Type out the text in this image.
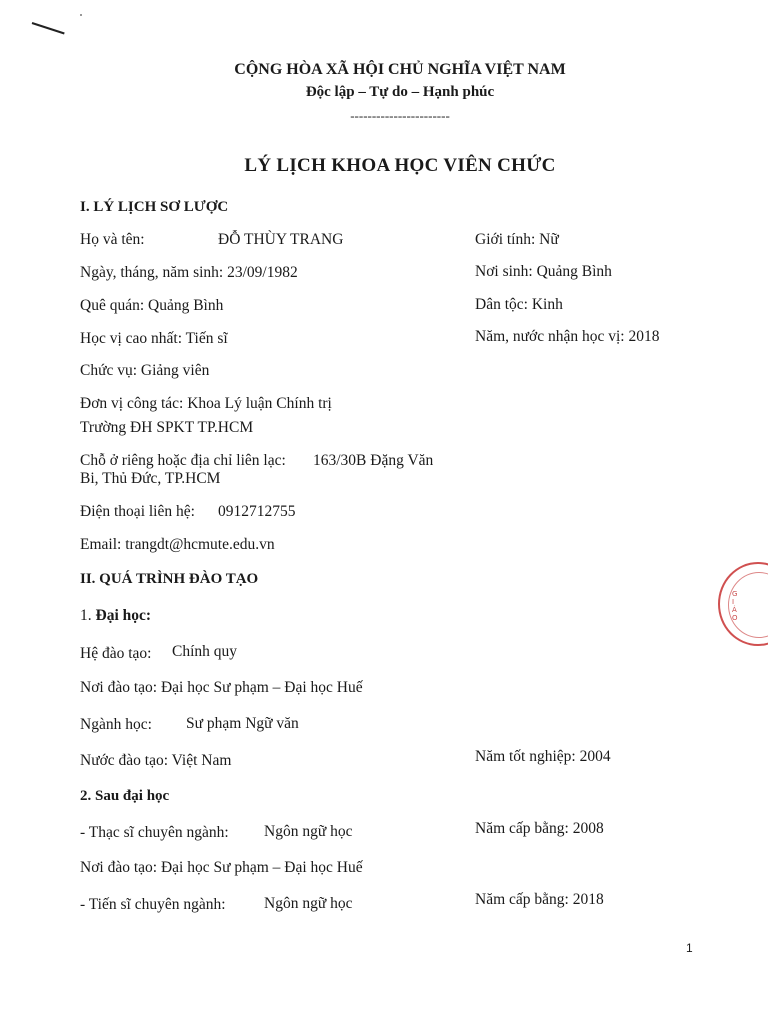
CỘNG HÒA XÃ HỘI CHỦ NGHĨA VIỆT NAM
Độc lập – Tự do – Hạnh phúc
-----------------------
LÝ LỊCH KHOA HỌC VIÊN CHỨC
I. LÝ LỊCH SƠ LƯỢC
Họ và tên:	ĐỖ THÙY TRANG	Giới tính: Nữ
Ngày, tháng, năm sinh: 23/09/1982	Nơi sinh: Quảng Bình
Quê quán: Quảng Bình	Dân tộc: Kinh
Học vị cao nhất: Tiến sĩ	Năm, nước nhận học vị: 2018
Chức vụ: Giảng viên
Đơn vị công tác: Khoa Lý luận Chính trị
Trường ĐH SPKT TP.HCM
Chỗ ở riêng hoặc địa chỉ liên lạc: 163/30B Đặng Văn
Bi, Thủ Đức, TP.HCM
Điện thoại liên hệ: 0912712755
Email: trangdt@hcmute.edu.vn
II. QUÁ TRÌNH ĐÀO TẠO
1. Đại học:
Hệ đào tạo: Chính quy
Nơi đào tạo: Đại học Sư phạm – Đại học Huế
Ngành học: Sư phạm Ngữ văn
Nước đào tạo: Việt Nam	Năm tốt nghiệp: 2004
2. Sau đại học
- Thạc sĩ chuyên ngành: Ngôn ngữ học	Năm cấp bằng: 2008
Nơi đào tạo: Đại học Sư phạm – Đại học Huế
- Tiến sĩ chuyên ngành: Ngôn ngữ học	Năm cấp bằng: 2018
1
GIÁO
